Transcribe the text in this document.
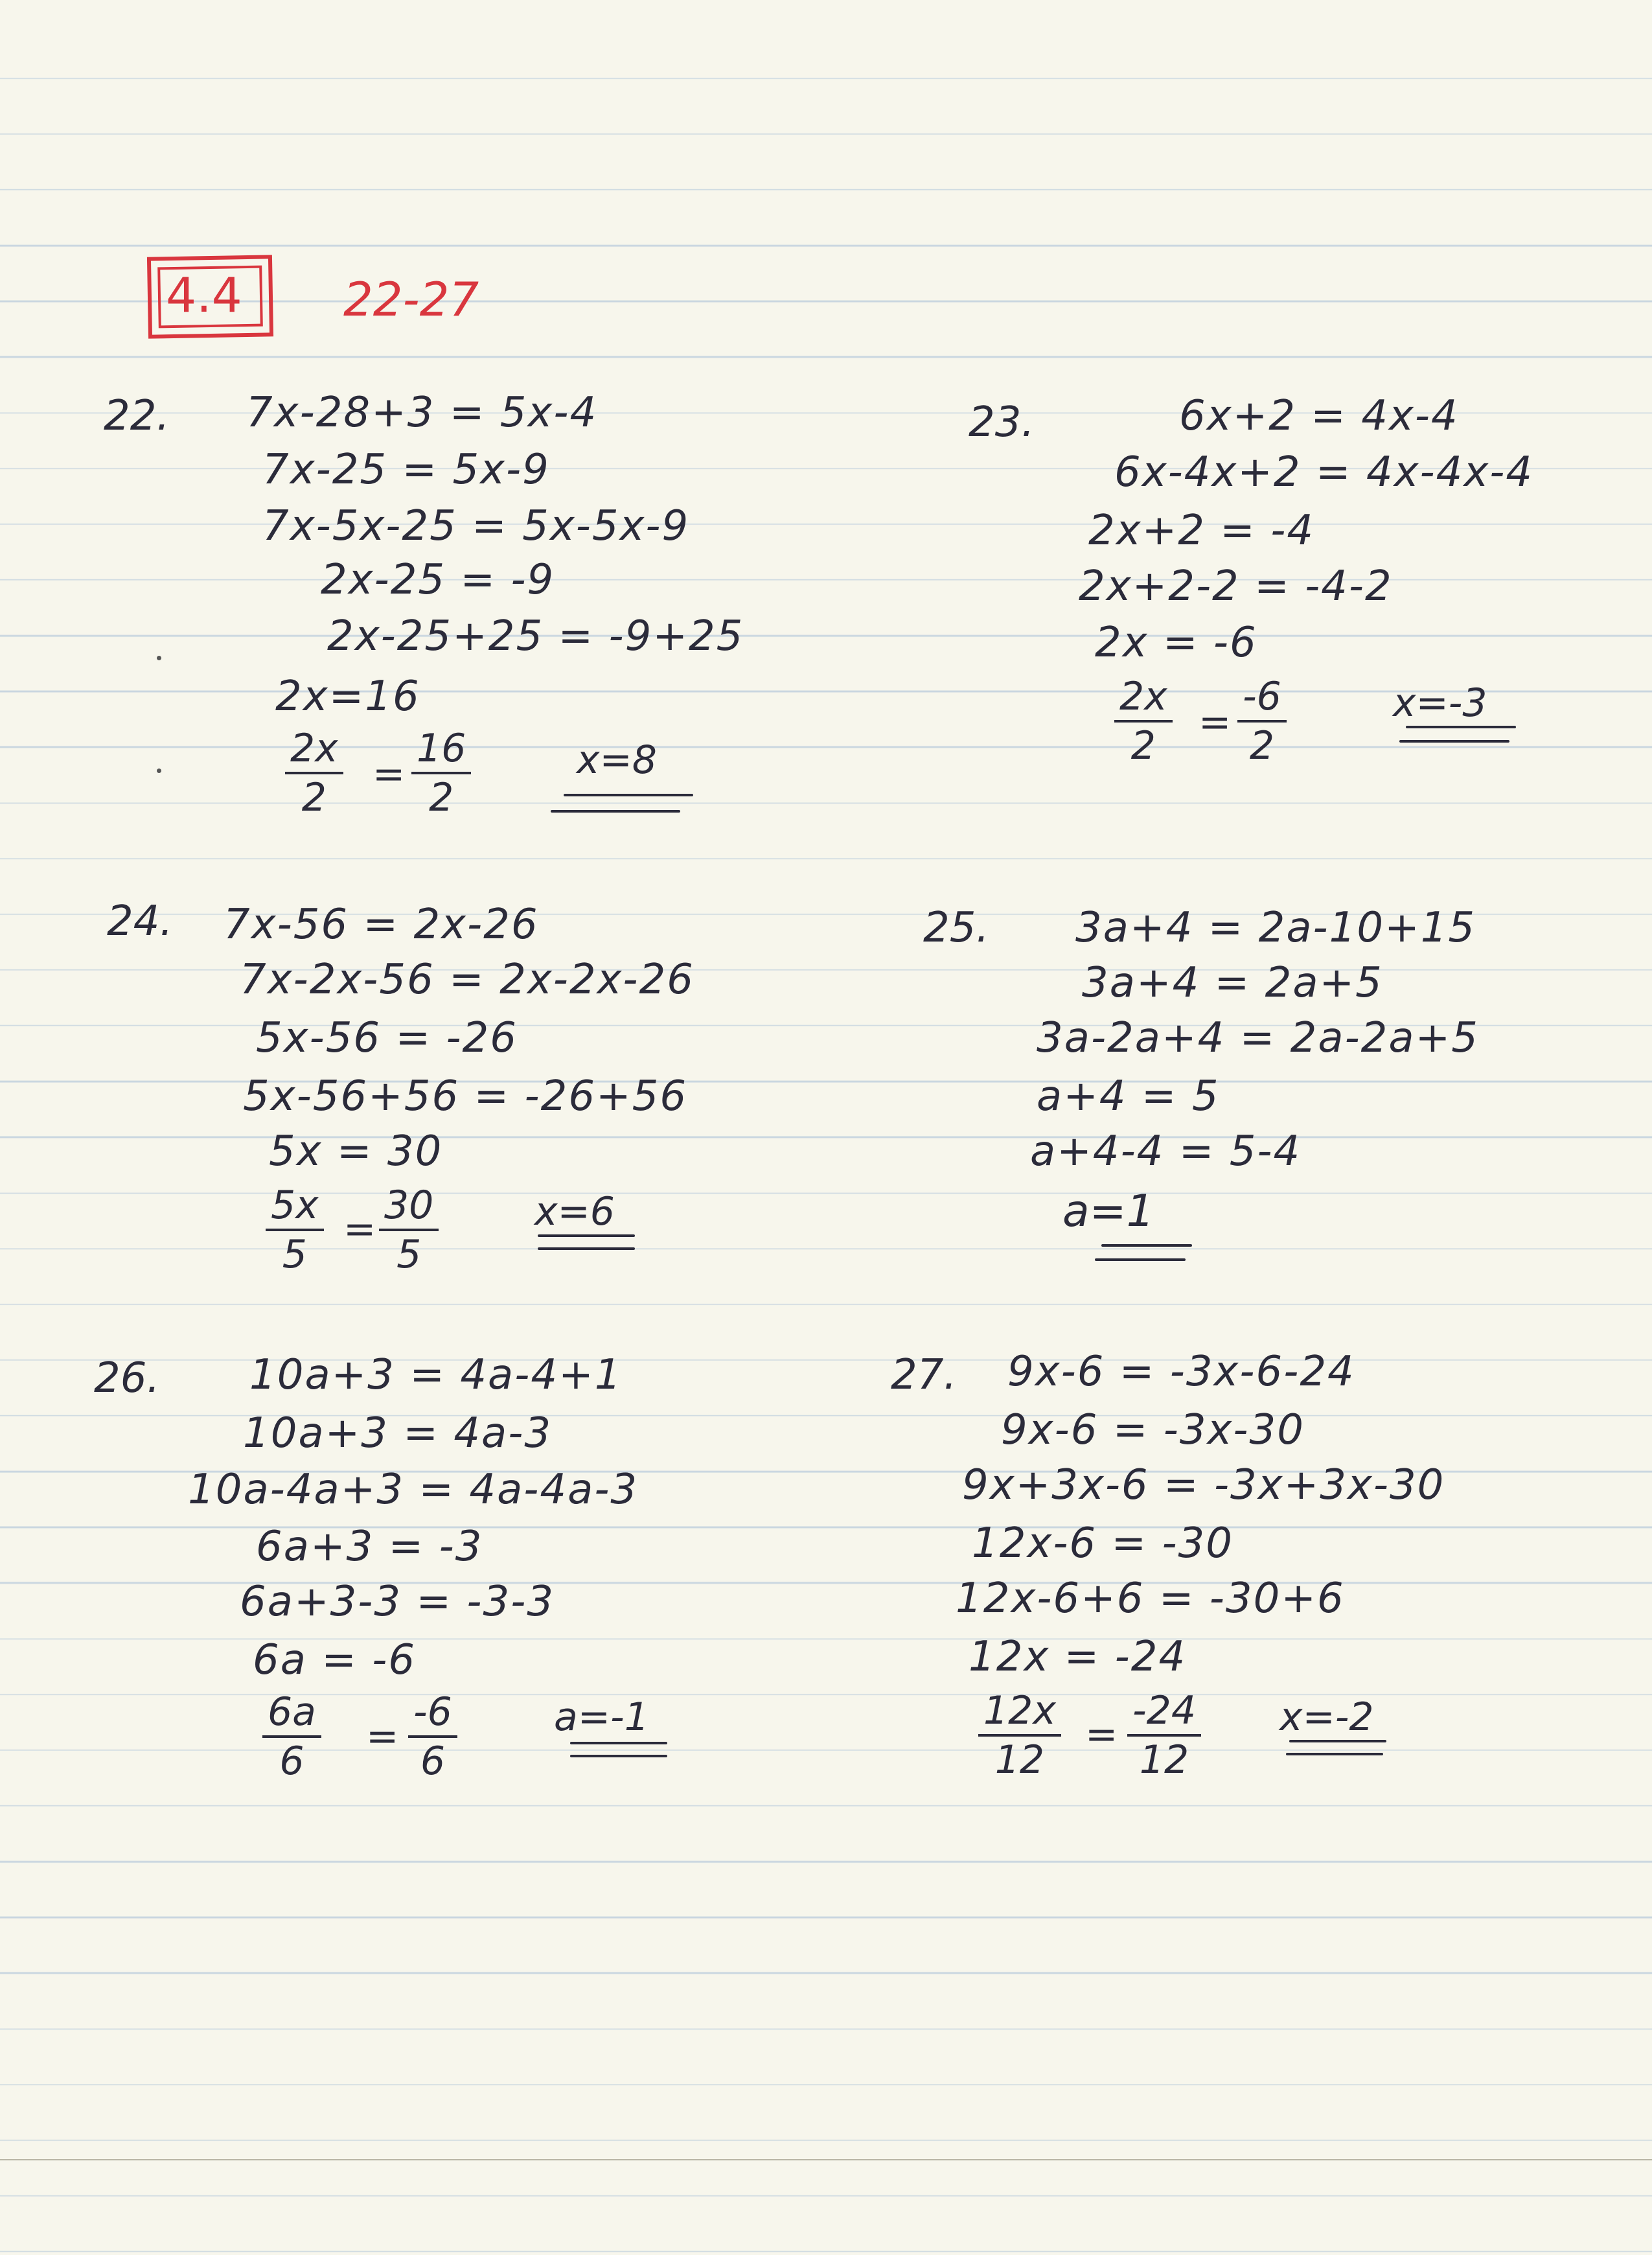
4.4 22-27
22. 7x-28+3 = 5x-4
7x-25 = 5x-9
7x-5x-25 = 5x-5x-9
2x-25 = -9
2x-25+25 = -9+25
2x=16
$\frac{2x}{2} = \frac{16}{2}$	x=8
23.	6x+2 = 4x-4
6x-4x+2 = 4x-4x-4
2x+2 = -4
2x+2-2 = -4-2
2x = -6
$\frac{2x}{2} = \frac{-6}{2}$	x=-3
24. 7x-56 = 2x-26
7x-2x-56 = 2x-2x-26
5x-56 = -26
5x-56+56 = -26+56
5x = 30
$\frac{5x}{5} = \frac{30}{5} x=6$
25. 3a+4 = 2a-10+15
3a+4 = 2a+5
3a-2a+4 = 2a-2a+5
a+4 = 5
a+4-4 = 5-4
a=1
26. 10a+3 = 4a-4+1
10a+3 = 4a-3
10a-4a+3 = 4a-4a-3
6a+3 = -3
6a+3-3 = -3-3
6a = -6
$\frac{6a}{6} = \frac{-6}{6} a=-1$
27. 9x-6 = -3x-6-24
9x-6 = -3x-30
9x+3x-6 = -3x+3x-30
12x-6 = -30
12x-6+6 = -30+6
12x = -24
$\frac{12x}{12} = \frac{-24}{12} x=-2$
